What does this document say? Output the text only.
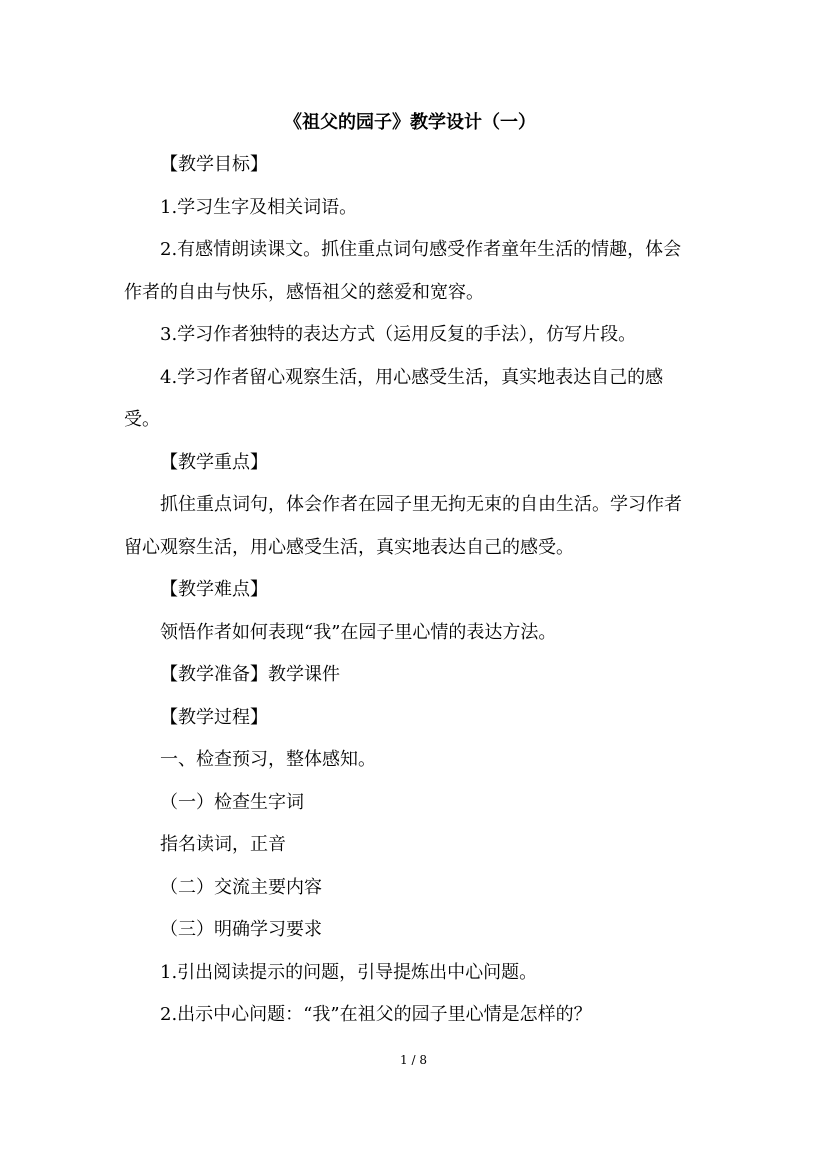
《祖父的园子》教学设计（一）

【教学目标】

1.学习生字及相关词语。

2.有感情朗读课文。抓住重点词句感受作者童年生活的情趣，体会作者的自由与快乐，感悟祖父的慈爱和宽容。

3.学习作者独特的表达方式（运用反复的手法），仿写片段。

4.学习作者留心观察生活，用心感受生活，真实地表达自己的感受。

【教学重点】

抓住重点词句，体会作者在园子里无拘无束的自由生活。学习作者留心观察生活，用心感受生活，真实地表达自己的感受。

【教学难点】

领悟作者如何表现“我”在园子里心情的表达方法。

【教学准备】教学课件

【教学过程】

一、检查预习，整体感知。

（一）检查生字词

指名读词，正音

（二）交流主要内容

（三）明确学习要求

1.引出阅读提示的问题，引导提炼出中心问题。

2.出示中心问题：“我”在祖父的园子里心情是怎样的？

1 / 8
